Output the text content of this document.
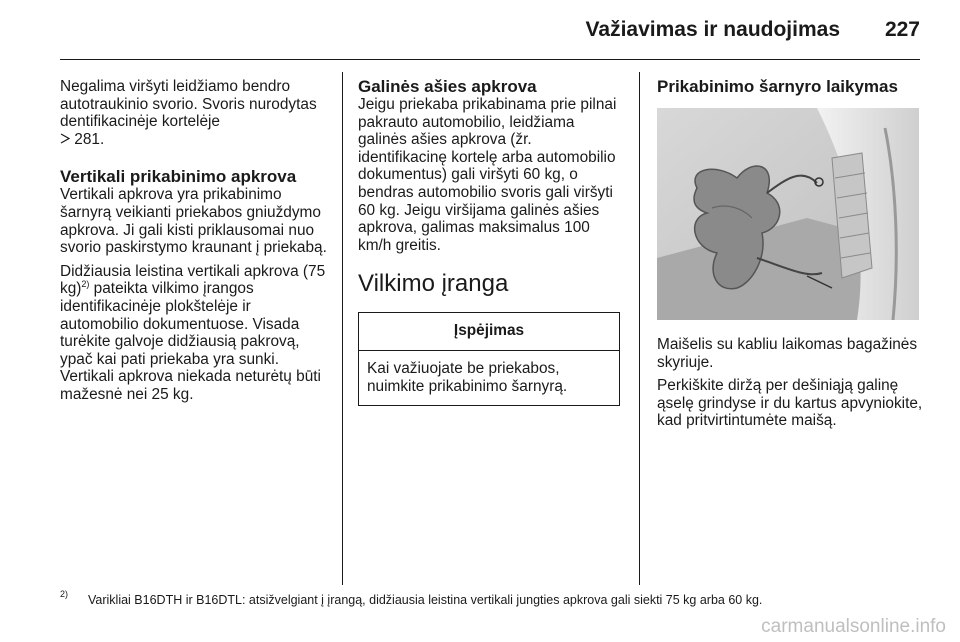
Važiavimas ir naudojimas 227

Negalima viršyti leidžiamo bendro autotraukinio svorio. Svoris nurodytas dentifikacinėje kortelėje
281.

Vertikali prikabinimo apkrova

Vertikali apkrova yra prikabinimo šarnyrą veikianti priekabos gniuždymo apkrova. Ji gali kisti priklausomai nuo svorio paskirstymo kraunant į priekabą.

Didžiausia leistina vertikali apkrova (75 kg)$^{2)}$ pateikta vilkimo įrangos identifikacinėje plokštelėje ir automobilio dokumentuose. Visada turėkite galvoje didžiausią pakrovą, ypač kai pati priekaba yra sunki. Vertikali apkrova niekada neturėtų būti mažesnė nei 25 kg.

Galinės ašies apkrova

Jeigu priekaba prikabinama prie pilnai pakrauto automobilio, leidžiama galinės ašies apkrova (žr. identifikacinę kortelę arba automobilio dokumentus) gali viršyti 60 kg, o bendras automobilio svoris gali viršyti 60 kg. Jeigu viršijama galinės ašies apkrova, galimas maksimalus 100 km/h greitis.

Vilkimo įranga
Įspėjimas
Kai važiuojate be priekabos, nuimkite prikabinimo šarnyrą.
Prikabinimo šarnyro laikymas

Maišelis su kabliu laikomas bagažinės skyriuje.

Perkiškite diržą per dešiniąją galinę ąselę grindyse ir du kartus apvyniokite, kad pritvirtintumėte maišą.

2) Varikliai B16DTH ir B16DTL: atsižvelgiant į įrangą, didžiausia leistina vertikali jungties apkrova gali siekti 75 kg arba 60 kg.
carmanualsonline.info
